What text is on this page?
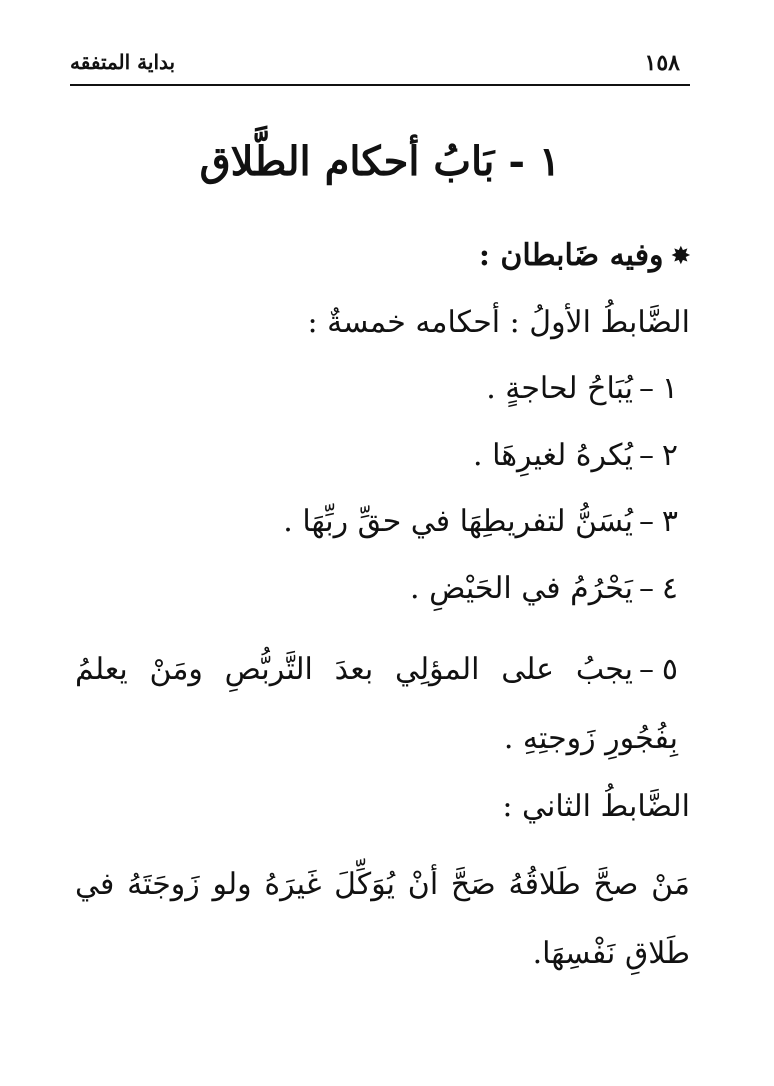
١٥٨
بداية المتفقه
١ - بَابُ أحكام الطَّلاق

✸وفيه ضَابطان :

الضَّابطُ الأولُ : أحكامه خمسةٌ :

١–يُبَاحُ لحاجةٍ .

٢–يُكرهُ لغيرِهَا .

٣–يُسَنُّ لتفريطِهَا في حقِّ ربِّهَا .

٤–يَحْرُمُ في الحَيْضِ .

٥–يجبُ على المؤلِي بعدَ التَّربُّصِ ومَنْ يعلمُ بِفُجُورِ زَوجتِهِ .

الضَّابطُ الثاني :

مَنْ صحَّ طَلاقُهُ صَحَّ أنْ يُوَكِّلَ غَيرَهُ ولو زَوجَتَهُ في طَلاقِ نَفْسِهَا.
